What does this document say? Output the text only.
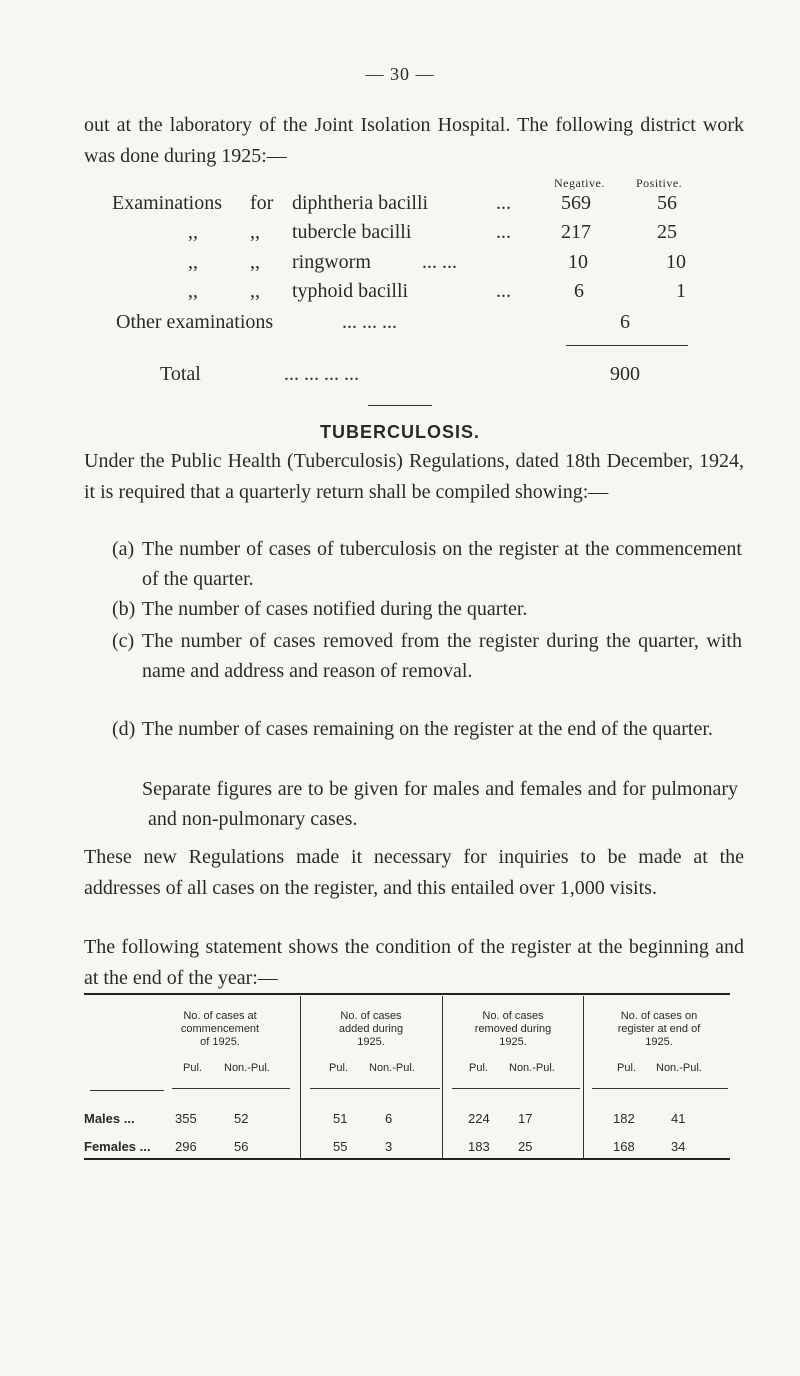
— 30 —
out at the laboratory of the Joint Isolation Hospital. The following district work was done during 1925:—
Negative.	Positive.
Examinations for diphtheria bacilli	...	569	56
,,	,, tubercle bacilli	...	217	25
,,	,, ringworm	... ...	10	10
,,	,, typhoid bacilli	...	6	1
Other examinations	... ... ...	6
Total	... ... ... ...	900
TUBERCULOSIS.
Under the Public Health (Tuberculosis) Regulations, dated 18th December, 1924, it is required that a quarterly return shall be compiled showing:—
(a) The number of cases of tuberculosis on the register at the commencement of the quarter.
(b) The number of cases notified during the quarter.
(c) The number of cases removed from the register during the quarter, with name and address and reason of removal.
(d) The number of cases remaining on the register at the end of the quarter.
Separate figures are to be given for males and females and for pulmonary and non-pulmonary cases.
These new Regulations made it necessary for inquiries to be made at the addresses of all cases on the register, and this entailed over 1,000 visits.
The following statement shows the condition of the register at the beginning and at the end of the year:—
No. of cases at
commencement
of 1925.
No. of cases
added during
1925.
No. of cases
removed during
1925.
No. of cases on
register at end of
1925.
Pul. Non.-Pul.	Pul. Non.-Pul.	Pul. Non.-Pul.	Pul. Non.-Pul.
Males ...	355	52	51	6	224 17	182	41
Females ... 296	56	55	3	183 25	168	34
